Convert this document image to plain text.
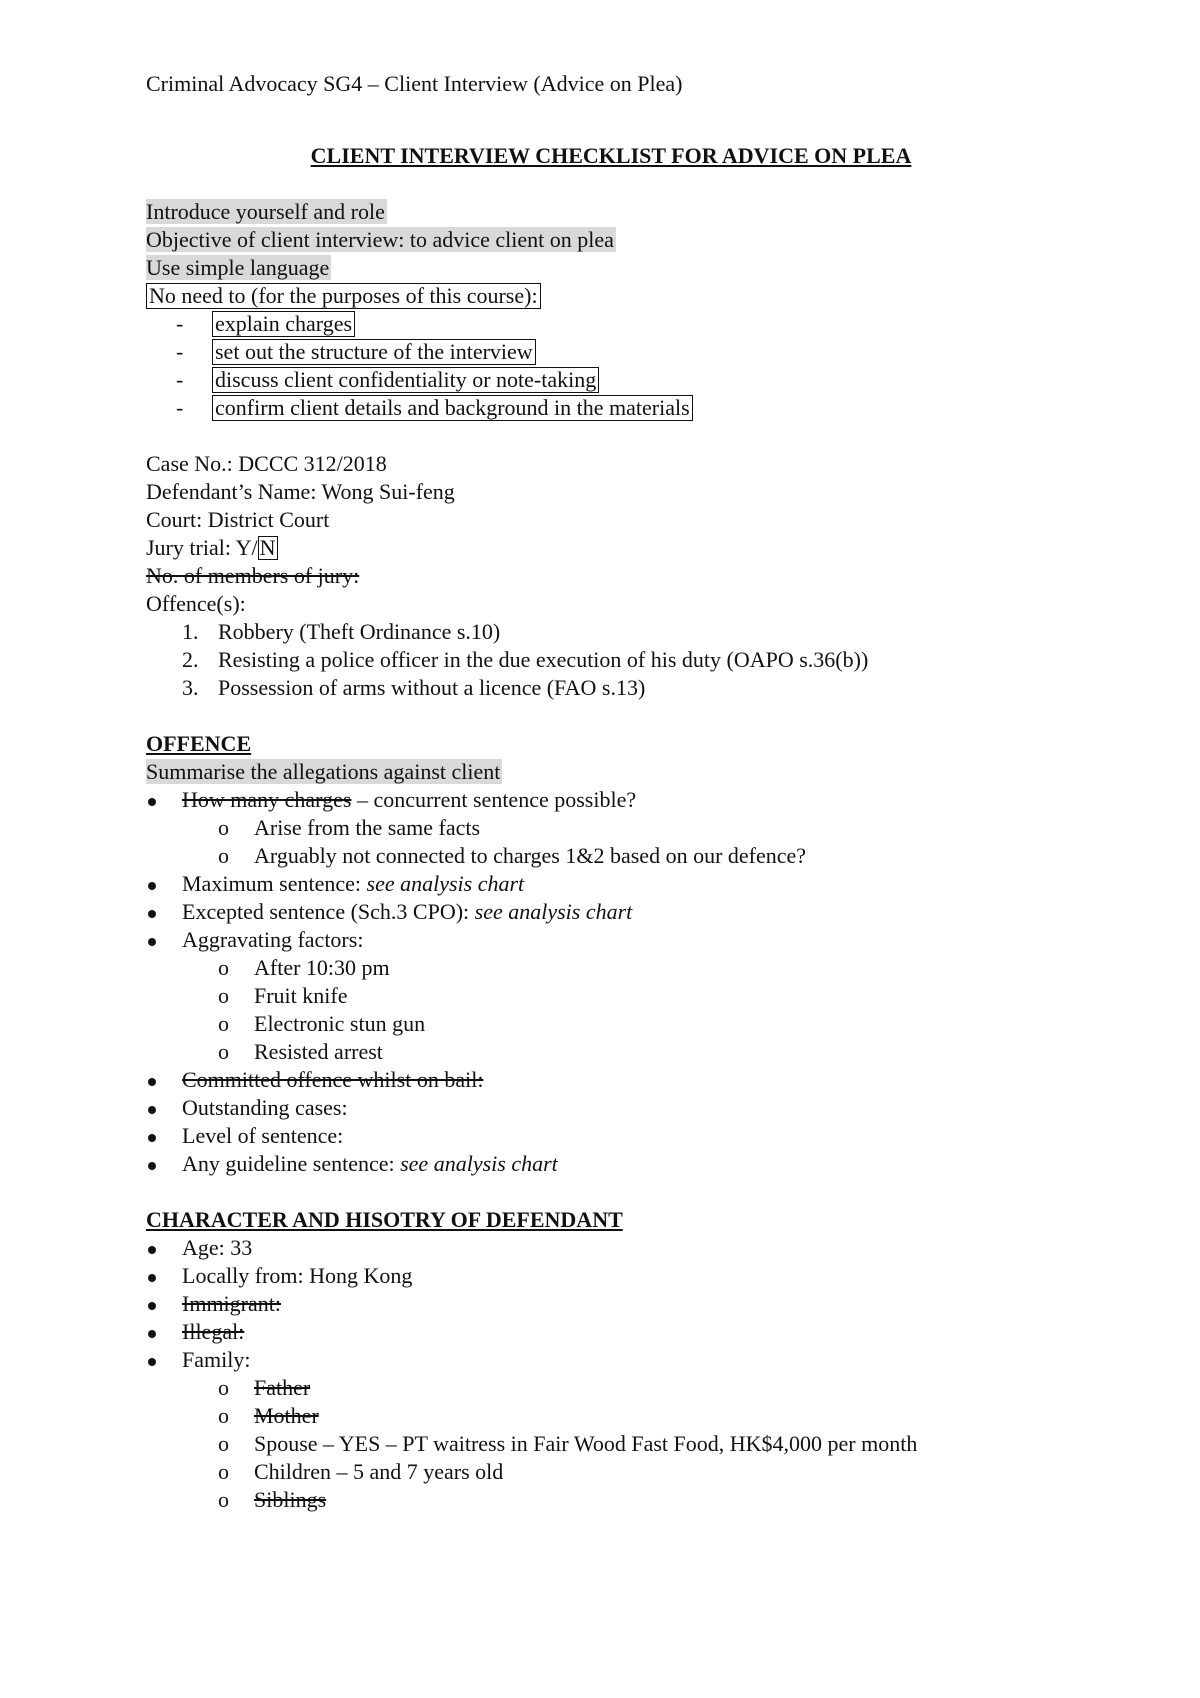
Criminal Advocacy SG4 – Client Interview (Advice on Plea)
CLIENT INTERVIEW CHECKLIST FOR ADVICE ON PLEA
Introduce yourself and role
Objective of client interview: to advice client on plea
Use simple language
No need to (for the purposes of this course):
- explain charges
- set out the structure of the interview
- discuss client confidentiality or note-taking
- confirm client details and background in the materials
Case No.: DCCC 312/2018
Defendant’s Name: Wong Sui-feng
Court: District Court
Jury trial: Y/N
No. of members of jury:
Offence(s):
1. Robbery (Theft Ordinance s.10)
2. Resisting a police officer in the due execution of his duty (OAPO s.36(b))
3. Possession of arms without a licence (FAO s.13)
OFFENCE
Summarise the allegations against client
How many charges – concurrent sentence possible?
o Arise from the same facts
o Arguably not connected to charges 1&2 based on our defence?
Maximum sentence: see analysis chart
Excepted sentence (Sch.3 CPO): see analysis chart
Aggravating factors:
o After 10:30 pm
o Fruit knife
o Electronic stun gun
o Resisted arrest
Committed offence whilst on bail:
Outstanding cases:
Level of sentence:
Any guideline sentence: see analysis chart
CHARACTER AND HISOTRY OF DEFENDANT
Age: 33
Locally from: Hong Kong
Immigrant:
Illegal:
Family:
o Father
o Mother
o Spouse – YES – PT waitress in Fair Wood Fast Food, HK$4,000 per month
o Children – 5 and 7 years old
o Siblings
